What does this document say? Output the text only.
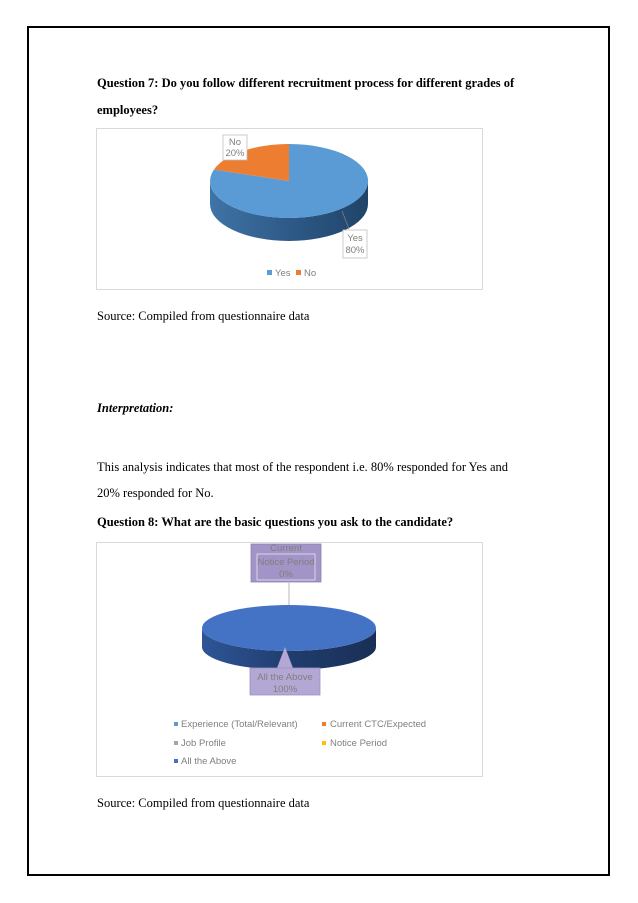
Question 7: Do you follow different recruitment process for different grades of
employees?
No
20%
Yes
80%
Yes No
Source: Compiled from questionnaire data
Interpretation:
This analysis indicates that most of the respondent i.e. 80% responded for Yes and
20% responded for No.
Question 8: What are the basic questions you ask to the candidate?
Current
Notice Period
0%
All the Above
100%
Experience (Total/Relevant)	Current CTC/Expected
Job Profile	Notice Period
All the Above
Source: Compiled from questionnaire data
